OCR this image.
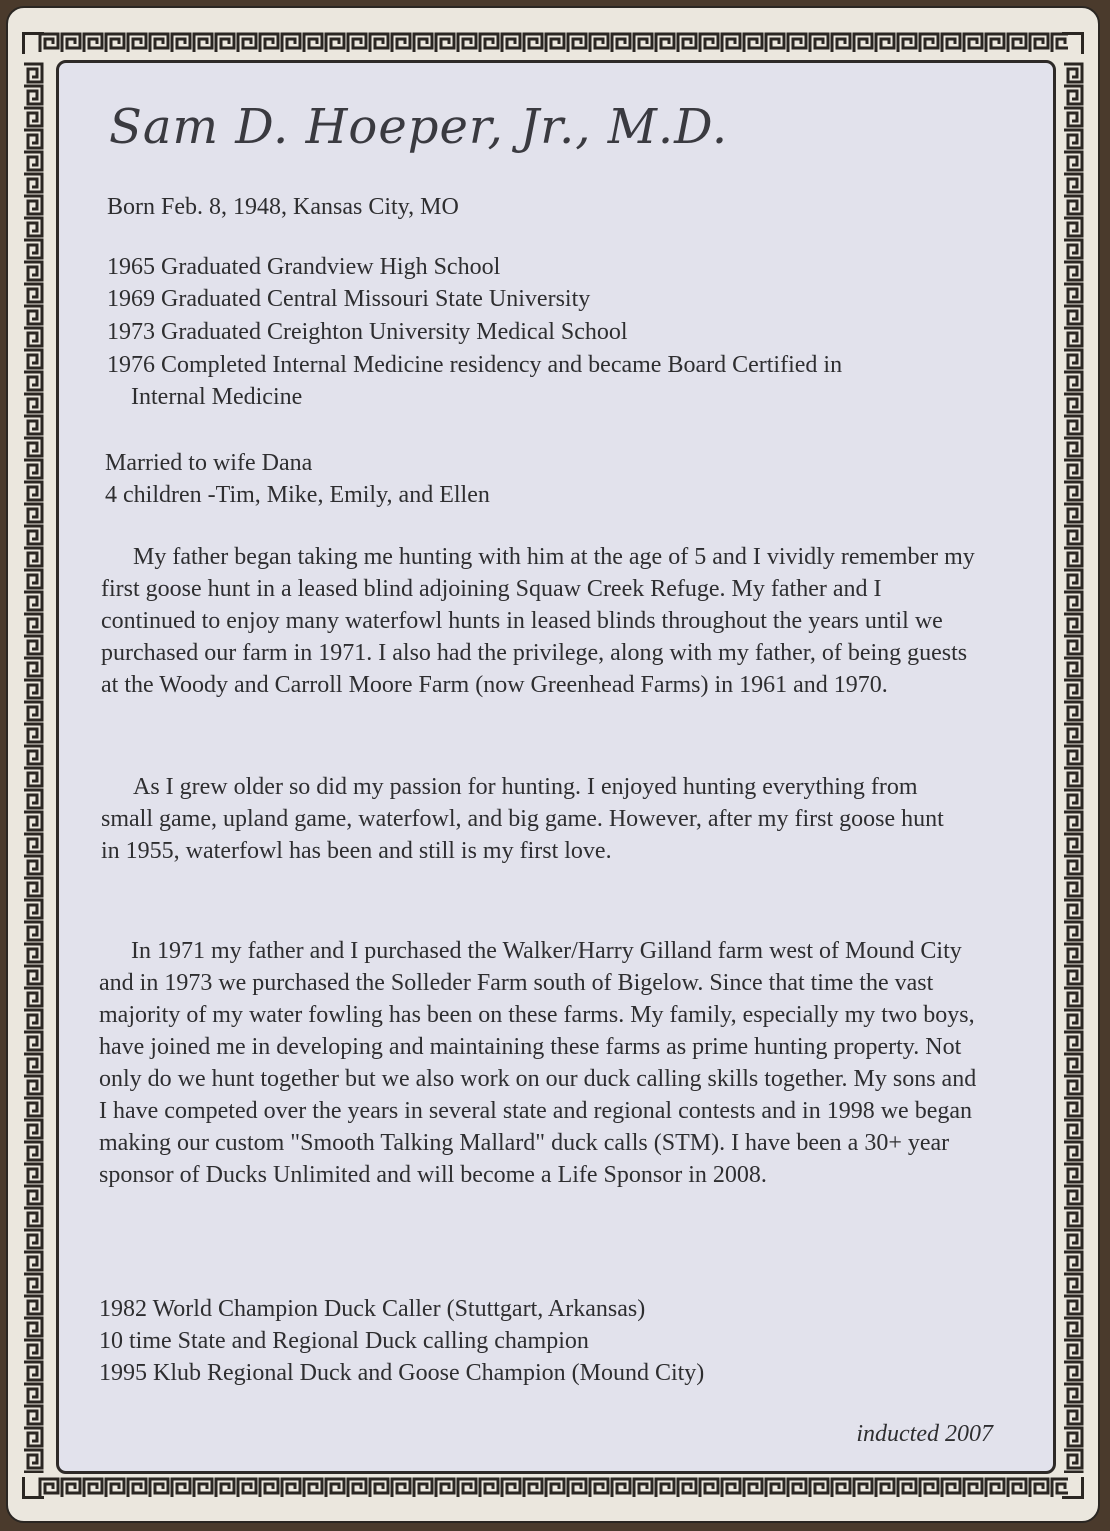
Sam D. Hoeper, Jr., M.D.

Born Feb. 8, 1948, Kansas City, MO

1965 Graduated Grandview High School

1969 Graduated Central Missouri State University

1973 Graduated Creighton University Medical School

1976 Completed Internal Medicine residency and became Board Certified in

Internal Medicine

Married to wife Dana

4 children -Tim, Mike, Emily, and Ellen

My father began taking me hunting with him at the age of 5 and I vividly remember my first goose hunt in a leased blind adjoining Squaw Creek Refuge. My father and I continued to enjoy many waterfowl hunts in leased blinds throughout the years until we purchased our farm in 1971. I also had the privilege, along with my father, of being guests at the Woody and Carroll Moore Farm (now Greenhead Farms) in 1961 and 1970.

As I grew older so did my passion for hunting. I enjoyed hunting everything from small game, upland game, waterfowl, and big game. However, after my first goose hunt in 1955, waterfowl has been and still is my first love.

In 1971 my father and I purchased the Walker/Harry Gilland farm west of Mound City and in 1973 we purchased the Solleder Farm south of Bigelow. Since that time the vast majority of my water fowling has been on these farms. My family, especially my two boys, have joined me in developing and maintaining these farms as prime hunting property. Not only do we hunt together but we also work on our duck calling skills together. My sons and I have competed over the years in several state and regional contests and in 1998 we began making our custom "Smooth Talking Mallard" duck calls (STM). I have been a 30+ year sponsor of Ducks Unlimited and will become a Life Sponsor in 2008.

1982 World Champion Duck Caller (Stuttgart, Arkansas)

10 time State and Regional Duck calling champion

1995 Klub Regional Duck and Goose Champion (Mound City)

inducted 2007
